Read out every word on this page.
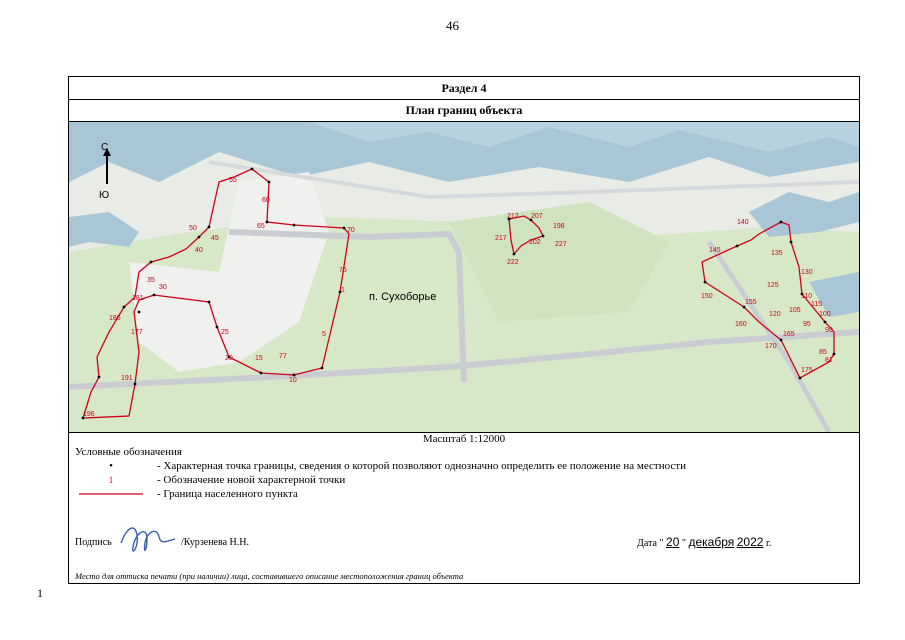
46
Раздел 4
План границ объекта
С
Ю
п. Сухоборье
55
60
50
45
40
65
70
75
1
35
30
181
186
177	25
20	15 77
10
5
191
196
212 207
198
217
202 227
222
140
145	135
130
125
150
155
110
115
105
100
120
95
160
90
165
170
85
81
175
Масштаб 1:12000
Условные обозначения
•	- Характерная точка границы, сведения о которой позволяют однозначно определить ее положение на местности
1	- Обозначение новой характерной точки
- Граница населенного пункта
Подпись	/Курзенева Н.Н.	Дата " 20 " декабря 2022 г.
Место для оттиска печати (при наличии) лица, составившего описание местоположения границ объекта
1
